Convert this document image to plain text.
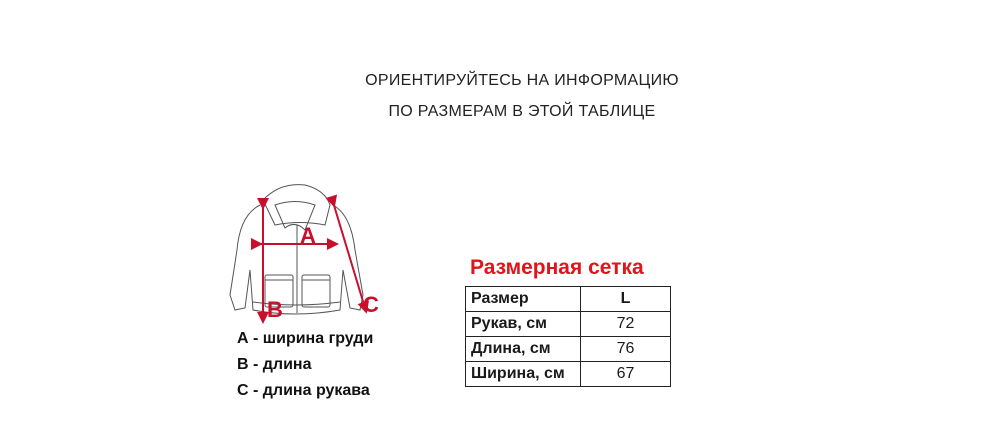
ОРИЕНТИРУЙТЕСЬ НА ИНФОРМАЦИЮ
ПО РАЗМЕРАМ В ЭТОЙ ТАБЛИЦЕ
A
B	C
А - ширина груди
В - длина
С - длина рукава
Размерная сетка
Размер	L
Рукав, см	72
Длина, см	76
Ширина, см	67
